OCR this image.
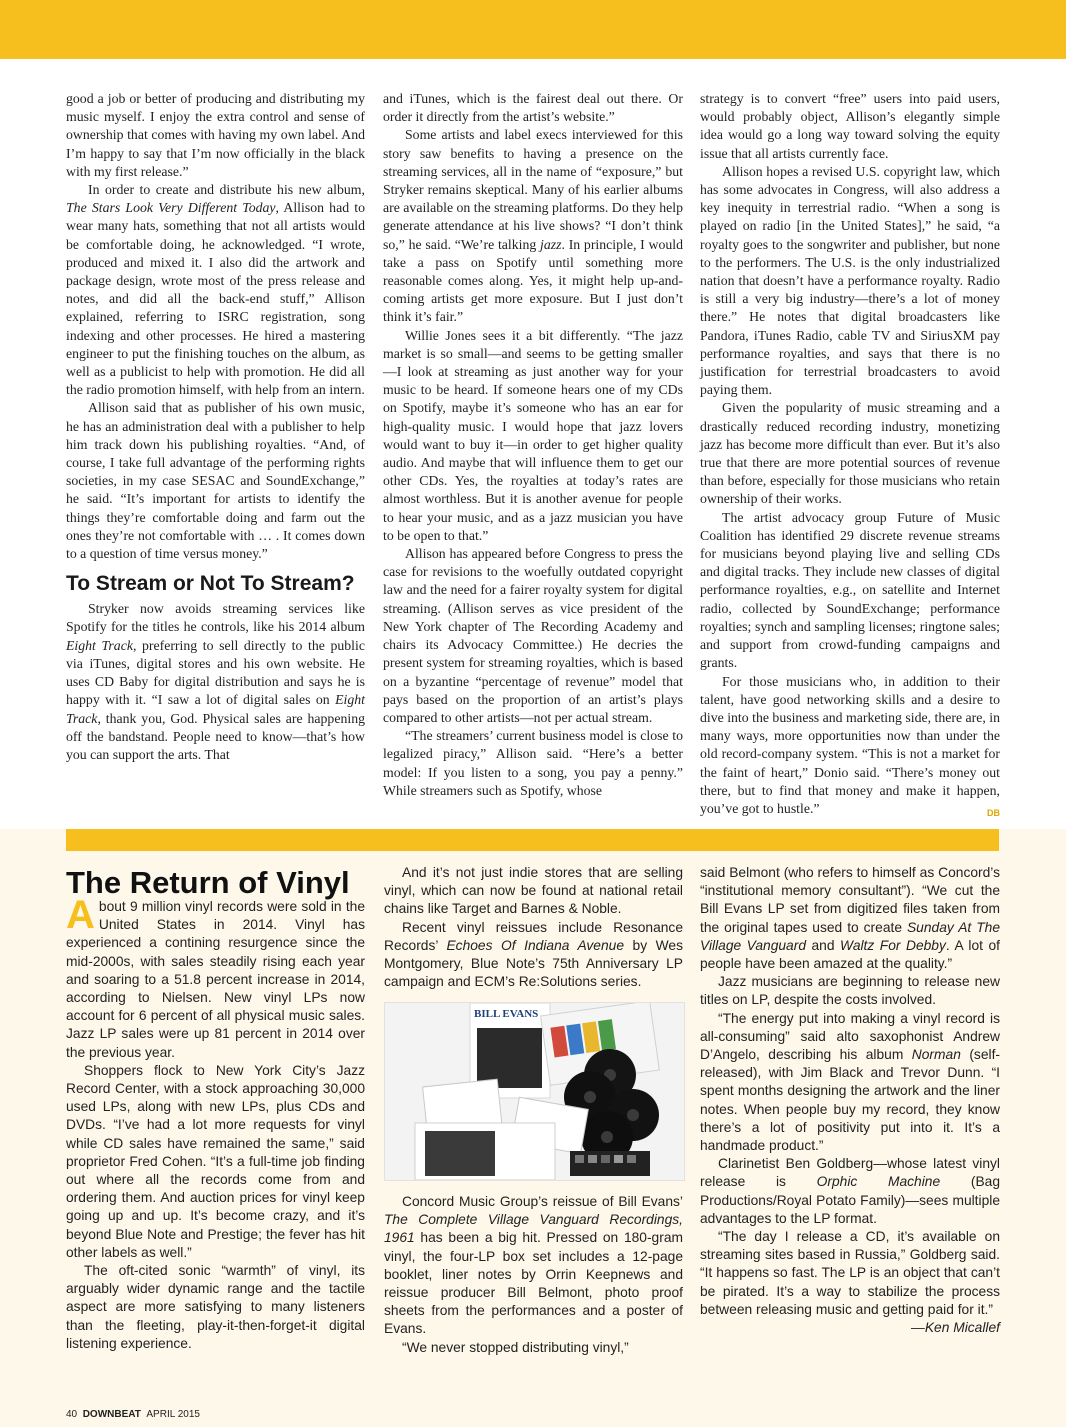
good a job or better of producing and distributing my music myself. I enjoy the extra control and sense of ownership that comes with having my own label. And I’m happy to say that I’m now officially in the black with my first release.”

In order to create and distribute his new album, The Stars Look Very Different Today, Allison had to wear many hats, something that not all artists would be comfortable doing, he acknowledged. “I wrote, produced and mixed it. I also did the artwork and package design, wrote most of the press release and notes, and did all the back-end stuff,” Allison explained, referring to ISRC registration, song indexing and other processes. He hired a mastering engineer to put the finishing touches on the album, as well as a publicist to help with promotion. He did all the radio promotion himself, with help from an intern.

Allison said that as publisher of his own music, he has an administration deal with a publisher to help him track down his publishing royalties. “And, of course, I take full advantage of the performing rights societies, in my case SESAC and SoundExchange,” he said. “It’s important for artists to identify the things they’re comfortable doing and farm out the ones they’re not comfortable with … . It comes down to a question of time versus money.”

To Stream or Not To Stream?

Stryker now avoids streaming services like Spotify for the titles he controls, like his 2014 album Eight Track, preferring to sell directly to the public via iTunes, digital stores and his own website. He uses CD Baby for digital distribution and says he is happy with it. “I saw a lot of digital sales on Eight Track, thank you, God. Physical sales are happening off the bandstand. People need to know—that’s how you can support the arts. That

and iTunes, which is the fairest deal out there. Or order it directly from the artist’s website.”

Some artists and label execs interviewed for this story saw benefits to having a presence on the streaming services, all in the name of “exposure,” but Stryker remains skeptical. Many of his earlier albums are available on the streaming platforms. Do they help generate attendance at his live shows? “I don’t think so,” he said. “We’re talking jazz. In principle, I would take a pass on Spotify until something more reasonable comes along. Yes, it might help up-and-coming artists get more exposure. But I just don’t think it’s fair.”

Willie Jones sees it a bit differently. “The jazz market is so small—and seems to be getting smaller—I look at streaming as just another way for your music to be heard. If someone hears one of my CDs on Spotify, maybe it’s someone who has an ear for high-quality music. I would hope that jazz lovers would want to buy it—in order to get higher quality audio. And maybe that will influence them to get our other CDs. Yes, the royalties at today’s rates are almost worthless. But it is another avenue for people to hear your music, and as a jazz musician you have to be open to that.”

Allison has appeared before Congress to press the case for revisions to the woefully outdated copyright law and the need for a fairer royalty system for digital streaming. (Allison serves as vice president of the New York chapter of The Recording Academy and chairs its Advocacy Committee.) He decries the present system for streaming royalties, which is based on a byzantine “percentage of revenue” model that pays based on the proportion of an artist’s plays compared to other artists—not per actual stream.

“The streamers’ current business model is close to legalized piracy,” Allison said. “Here’s a better model: If you listen to a song, you pay a penny.” While streamers such as Spotify, whose

strategy is to convert “free” users into paid users, would probably object, Allison’s elegantly simple idea would go a long way toward solving the equity issue that all artists currently face.

Allison hopes a revised U.S. copyright law, which has some advocates in Congress, will also address a key inequity in terrestrial radio. “When a song is played on radio [in the United States],” he said, “a royalty goes to the songwriter and publisher, but none to the performers. The U.S. is the only industrialized nation that doesn’t have a performance royalty. Radio is still a very big industry—there’s a lot of money there.” He notes that digital broadcasters like Pandora, iTunes Radio, cable TV and SiriusXM pay performance royalties, and says that there is no justification for terrestrial broadcasters to avoid paying them.

Given the popularity of music streaming and a drastically reduced recording industry, monetizing jazz has become more difficult than ever. But it’s also true that there are more potential sources of revenue than before, especially for those musicians who retain ownership of their works.

The artist advocacy group Future of Music Coalition has identified 29 discrete revenue streams for musicians beyond playing live and selling CDs and digital tracks. They include new classes of digital performance royalties, e.g., on satellite and Internet radio, collected by SoundExchange; performance royalties; synch and sampling licenses; ringtone sales; and support from crowd-funding campaigns and grants.

For those musicians who, in addition to their talent, have good networking skills and a desire to dive into the business and marketing side, there are, in many ways, more opportunities now than under the old record-company system. “This is not a market for the faint of heart,” Donio said. “There’s money out there, but to find that money and make it happen, you’ve got to hustle.”	DB

The Return of Vinyl

About 9 million vinyl records were sold in the United States in 2014. Vinyl has experienced a contining resurgence since the mid-2000s, with sales steadily rising each year and soaring to a 51.8 percent increase in 2014, according to Nielsen. New vinyl LPs now account for 6 percent of all physical music sales. Jazz LP sales were up 81 percent in 2014 over the previous year.

Shoppers flock to New York City’s Jazz Record Center, with a stock approaching 30,000 used LPs, along with new LPs, plus CDs and DVDs. “I’ve had a lot more requests for vinyl while CD sales have remained the same,” said proprietor Fred Cohen. “It’s a full-time job finding out where all the records come from and ordering them. And auction prices for vinyl keep going up and up. It’s become crazy, and it’s beyond Blue Note and Prestige; the fever has hit other labels as well.”

The oft-cited sonic “warmth” of vinyl, its arguably wider dynamic range and the tactile aspect are more satisfying to many listeners than the fleeting, play-it-then-forget-it digital listening experience.

And it’s not just indie stores that are selling vinyl, which can now be found at national retail chains like Target and Barnes & Noble.

Recent vinyl reissues include Resonance Records’ Echoes Of Indiana Avenue by Wes Montgomery, Blue Note’s 75th Anniversary LP campaign and ECM’s Re:Solutions series.

BILL EVANS

Concord Music Group’s reissue of Bill Evans’ The Complete Village Vanguard Recordings, 1961 has been a big hit. Pressed on 180-gram vinyl, the four-LP box set includes a 12-page booklet, liner notes by Orrin Keepnews and reissue producer Bill Belmont, photo proof sheets from the performances and a poster of Evans.

“We never stopped distributing vinyl,”

said Belmont (who refers to himself as Concord’s “institutional memory consultant”). “We cut the Bill Evans LP set from digitized files taken from the original tapes used to create Sunday At The Village Vanguard and Waltz For Debby. A lot of people have been amazed at the quality.”

Jazz musicians are beginning to release new titles on LP, despite the costs involved.

“The energy put into making a vinyl record is all-consuming” said alto saxophonist Andrew D’Angelo, describing his album Norman (self-released), with Jim Black and Trevor Dunn. “I spent months designing the artwork and the liner notes. When people buy my record, they know there’s a lot of positivity put into it. It’s a handmade product.”

Clarinetist Ben Goldberg—whose latest vinyl release is Orphic Machine (Bag Productions/Royal Potato Family)—sees multiple advantages to the LP format.

“The day I release a CD, it’s available on streaming sites based in Russia,” Goldberg said. “It happens so fast. The LP is an object that can’t be pirated. It’s a way to stabilize the process between releasing music and getting paid for it.”

—Ken Micallef
40 DOWNBEAT APRIL 2015
